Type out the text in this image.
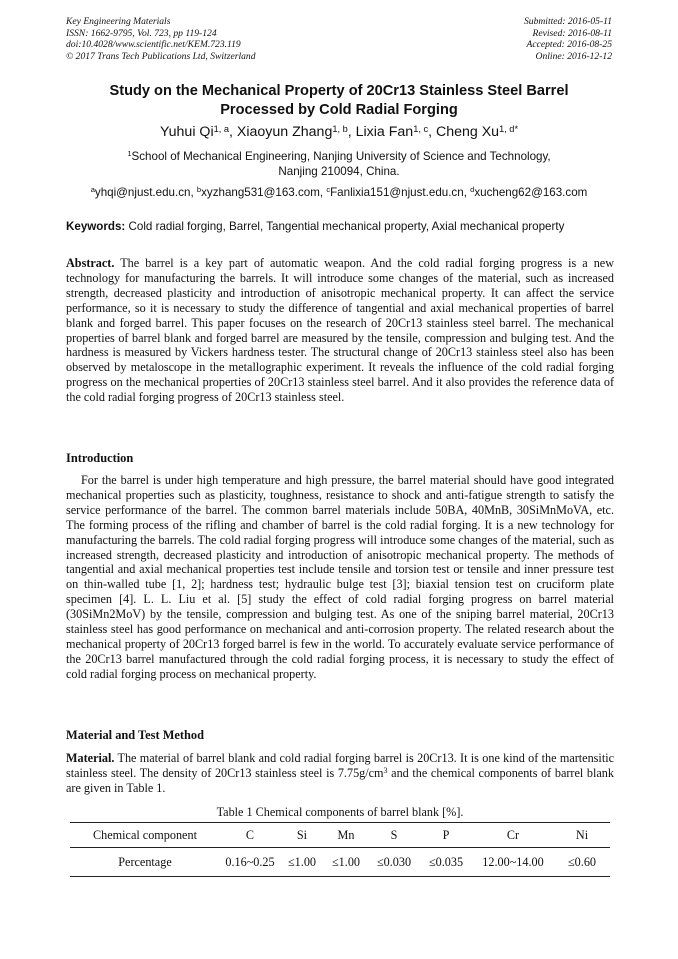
Key Engineering Materials
ISSN: 1662-9795, Vol. 723, pp 119-124
doi:10.4028/www.scientific.net/KEM.723.119
© 2017 Trans Tech Publications Ltd, Switzerland
Submitted: 2016-05-11
Revised: 2016-08-11
Accepted: 2016-08-25
Online: 2016-12-12
Study on the Mechanical Property of 20Cr13 Stainless Steel Barrel
Processed by Cold Radial Forging
Yuhui Qi$^{1, a}$, Xiaoyun Zhang$^{1, b}$, Lixia Fan$^{1, c}$, Cheng $Xu^{1, d*}$
$^1$School of Mechanical Engineering, Nanjing University of Science and Technology,
Nanjing 210094, China.
$^a$yhqi@njust.edu.cn, $^b$xyzhang531@163.com, $^c$Fanlixia151@njust.edu.cn, $^d$xucheng62@163.com
Keywords: Cold radial forging, Barrel, Tangential mechanical property, Axial mechanical property
Abstract. The barrel is a key part of automatic weapon. And the cold radial forging progress is a new technology for manufacturing the barrels. It will introduce some changes of the material, such as increased strength, decreased plasticity and introduction of anisotropic mechanical property. It can affect the service performance, so it is necessary to study the difference of tangential and axial mechanical properties of barrel blank and forged barrel. This paper focuses on the research of 20Cr13 stainless steel barrel. The mechanical properties of barrel blank and forged barrel are measured by the tensile, compression and bulging test. And the hardness is measured by Vickers hardness tester. The structural change of 20Cr13 stainless steel also has been observed by metaloscope in the metallographic experiment. It reveals the influence of the cold radial forging progress on the mechanical properties of 20Cr13 stainless steel barrel. And it also provides the reference data of the cold radial forging progress of 20Cr13 stainless steel.
Introduction
For the barrel is under high temperature and high pressure, the barrel material should have good integrated mechanical properties such as plasticity, toughness, resistance to shock and anti-fatigue strength to satisfy the service performance of the barrel. The common barrel materials include 50BA, 40MnB, 30SiMnMoVA, etc. The forming process of the rifling and chamber of barrel is the cold radial forging. It is a new technology for manufacturing the barrels. The cold radial forging progress will introduce some changes of the material, such as increased strength, decreased plasticity and introduction of anisotropic mechanical property. The methods of tangential and axial mechanical properties test include tensile and torsion test or tensile and inner pressure test on thin-walled tube [1, 2]; hardness test; hydraulic bulge test [3]; biaxial tension test on cruciform plate specimen [4]. L. L. Liu et al. [5] study the effect of cold radial forging progress on barrel material (30SiMn2MoV) by the tensile, compression and bulging test. As one of the sniping barrel material, 20Cr13 stainless steel has good performance on mechanical and anti-corrosion property. The related research about the mechanical property of 20Cr13 forged barrel is few in the world. To accurately evaluate service performance of the 20Cr13 barrel manufactured through the cold radial forging process, it is necessary to study the effect of cold radial forging process on mechanical property.
Material and Test Method
Material. The material of barrel blank and cold radial forging barrel is 20Cr13. It is one kind of the martensitic stainless steel. The density of 20Cr13 stainless steel is $7.75g/cm^3$ and the chemical components of barrel blank are given in Table 1.
Table 1 Chemical components of barrel blank [%].
Chemical component	C	Si	Mn	S	P	Cr	Ni
Percentage	0.16~0.25	≤1.00	≤1.00	≤0.030	≤0.035	12.00~14.00	≤0.60
